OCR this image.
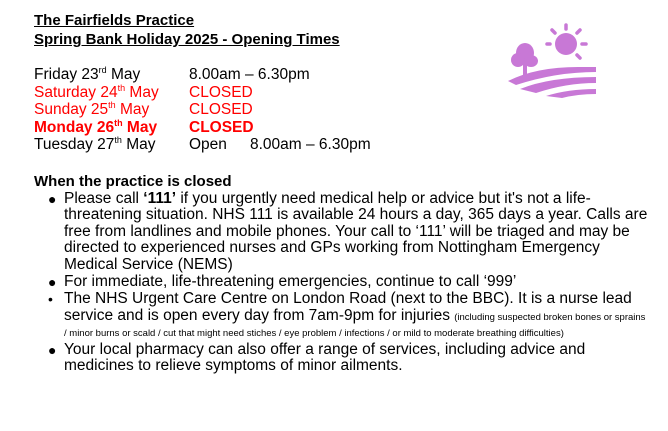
The Fairfields Practice
Spring Bank Holiday 2025 - Opening Times
Friday 23rd May	8.00am – 6.30pm
Saturday 24th May CLOSED
Sunday 25th May	CLOSED
Monday 26th May CLOSED
Tuesday 27th May Open 8.00am – 6.30pm
When the practice is closed
● Please call ‘111’ if you urgently need medical help or advice but it's not a life-threatening situation. NHS 111 is available 24 hours a day, 365 days a year. Calls are free from landlines and mobile phones. Your call to ‘111’ will be triaged and may be directed to experienced nurses and GPs working from Nottingham Emergency Medical Service (NEMS)
● For immediate, life-threatening emergencies, continue to call ‘999’
• The NHS Urgent Care Centre on London Road (next to the BBC). It is a nurse lead service and is open every day from 7am-9pm for injuries (including suspected broken bones or sprains / minor burns or scald / cut that might need stiches / eye problem / infections / or mild to moderate breathing difficulties)
● Your local pharmacy can also offer a range of services, including advice and medicines to relieve symptoms of minor ailments.
